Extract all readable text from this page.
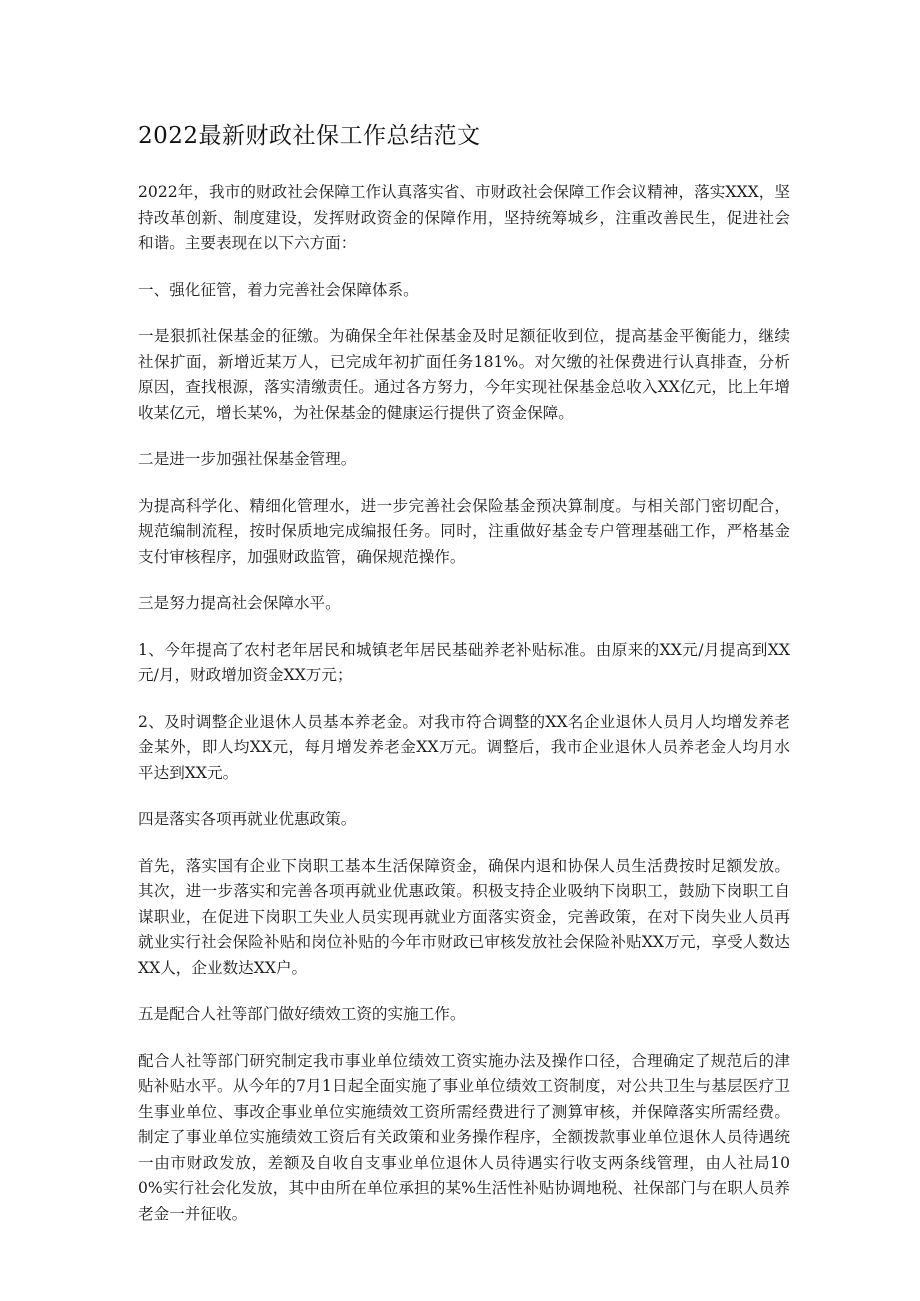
2022最新财政社保工作总结范文

2022年，我市的财政社会保障工作认真落实省、市财政社会保障工作会议精神，落实XXX，坚持改革创新、制度建设，发挥财政资金的保障作用，坚持统筹城乡，注重改善民生，促进社会和谐。主要表现在以下六方面：

一、强化征管，着力完善社会保障体系。

一是狠抓社保基金的征缴。为确保全年社保基金及时足额征收到位，提高基金平衡能力，继续社保扩面，新增近某万人，已完成年初扩面任务181%。对欠缴的社保费进行认真排查，分析原因，查找根源，落实清缴责任。通过各方努力，今年实现社保基金总收入XX亿元，比上年增收某亿元，增长某%，为社保基金的健康运行提供了资金保障。

二是进一步加强社保基金管理。

为提高科学化、精细化管理水，进一步完善社会保险基金预决算制度。与相关部门密切配合，规范编制流程，按时保质地完成编报任务。同时，注重做好基金专户管理基础工作，严格基金支付审核程序，加强财政监管，确保规范操作。

三是努力提高社会保障水平。

1、今年提高了农村老年居民和城镇老年居民基础养老补贴标准。由原来的XX元/月提高到XX元/月，财政增加资金XX万元；

2、及时调整企业退休人员基本养老金。对我市符合调整的XX名企业退休人员月人均增发养老金某外，即人均XX元，每月增发养老金XX万元。调整后，我市企业退休人员养老金人均月水平达到XX元。

四是落实各项再就业优惠政策。

首先，落实国有企业下岗职工基本生活保障资金，确保内退和协保人员生活费按时足额发放。其次，进一步落实和完善各项再就业优惠政策。积极支持企业吸纳下岗职工，鼓励下岗职工自谋职业，在促进下岗职工失业人员实现再就业方面落实资金，完善政策，在对下岗失业人员再就业实行社会保险补贴和岗位补贴的今年市财政已审核发放社会保险补贴XX万元，享受人数达XX人，企业数达XX户。

五是配合人社等部门做好绩效工资的实施工作。

配合人社等部门研究制定我市事业单位绩效工资实施办法及操作口径，合理确定了规范后的津贴补贴水平。从今年的7月1日起全面实施了事业单位绩效工资制度，对公共卫生与基层医疗卫生事业单位、事改企事业单位实施绩效工资所需经费进行了测算审核，并保障落实所需经费。制定了事业单位实施绩效工资后有关政策和业务操作程序，全额拨款事业单位退休人员待遇统一由市财政发放，差额及自收自支事业单位退休人员待遇实行收支两条线管理，由人社局100%实行社会化发放，其中由所在单位承担的某%生活性补贴协调地税、社保部门与在职人员养老金一并征收。
